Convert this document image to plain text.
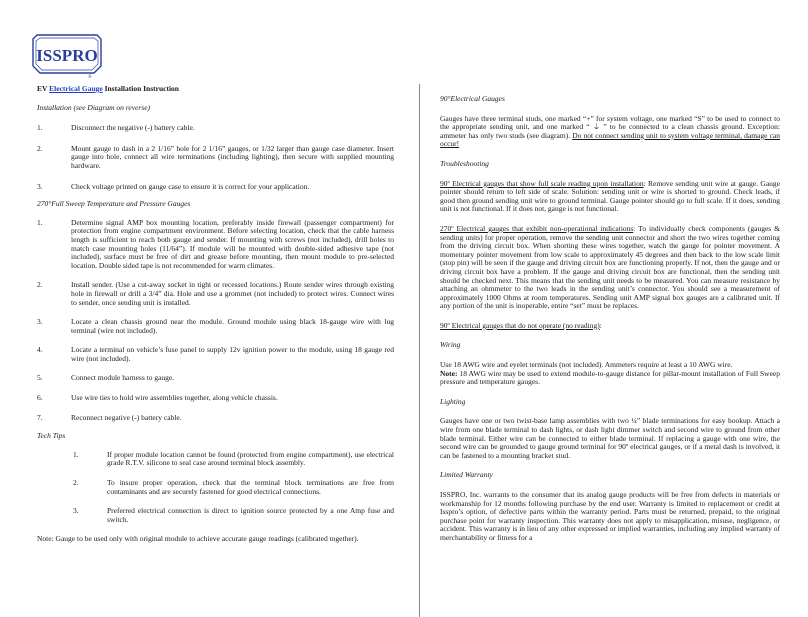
ISSPRO
®

EV Electrical Gauge Installation Instruction

Installation (see Diagram on reverse)

1.	Disconnect the negative (-) battery cable.
2.	Mount gauge to dash in a 2 1/16” hole for 2 1/16” gauges, or 1/32 larger than gauge case diameter. Insert gauge into hole, connect all wire terminations (including lighting), then secure with supplied mounting hardware.
3.	Check voltage printed on gauge case to ensure it is correct for your application.

270°Full Sweep Temperature and Pressure Gauges

1.	Determine signal AMP box mounting location, preferably inside firewall (passenger compartment) for protection from engine compartment environment. Before selecting location, check that the cable harness length is sufficient to reach both gauge and sender. If mounting with screws (not included), drill holes to match case mounting holes (11/64”). If module will be mounted with double-sided adhesive tape (not included), surface must be free of dirt and grease before mounting, then mount module to pre-selected location. Double sided tape is not recommended for warm climates.
2.	Install sender. (Use a cut-away socket in tight or recessed locations.) Route sender wires through existing hole in firewall or drill a 3/4” dia. Hole and use a grommet (not included) to protect wires. Connect wires to sender, once sending unit is installed.
3.	Locate a clean chassis ground near the module. Ground module using black 18-gauge wire with lug terminal (wire not included).
4.	Locate a terminal on vehicle’s fuse panel to supply 12v ignition power to the module, using 18 gauge red wire (not included).
5.	Connect module harness to gauge.
6.	Use wire ties to hold wire assemblies together, along vehicle chassis.
7.	Reconnect negative (-) battery cable.

Tech Tips

1.	If proper module location cannot be found (protected from engine compartment), use electrical grade R.T.V. silicone to seal case around terminal block assembly.
2.	To insure proper operation, check that the terminal block terminations are free from contaminants and are securely fastened for good electrical connections.
3.	Preferred electrical connection is direct to ignition source protected by a one Amp fuse and switch.

Note: Gauge to be used only with original module to achieve accurate gauge readings (calibrated together).

90°Electrical Gauges

Gauges have three terminal studs, one marked “+” for system voltage, one marked “S” to be used to connect to the appropriate sending unit, and one marked “ ⏚ ” to be connected to a clean chassis ground. Exception: ammeter has only two studs (see diagram). Do not connect sending unit to system voltage terminal, damage can occur!

Troubleshooting

90º Electrical gauges that show full scale reading upon installation: Remove sending unit wire at gauge. Gauge pointer should return to left side of scale. Solution: sending unit or wire is shorted to ground. Check leads, if good then ground sending unit wire to ground terminal. Gauge pointer should go to full scale. If it does, sending unit is not functional. If it does not, gauge is not functional.

270º Electrical gauges that exhibit non-operational indications: To individually check components (gauges & sending units) for proper operation, remove the sending unit connector and short the two wires together coming from the driving circuit box. When shorting these wires together, watch the gauge for pointer movement. A momentary pointer movement from low scale to approximately 45 degrees and then back to the low scale limit (stop pin) will be seen if the gauge and driving circuit box are functioning properly. If not, then the gauge and or driving circuit box have a problem. If the gauge and driving circuit box are functional, then the sending unit should be checked next. This means that the sending unit needs to be measured. You can measure resistance by attaching an ohmmeter to the two leads in the sending unit’s connector. You should see a measurement of approximately 1000 Ohms at room temperatures. Sending unit AMP signal box gauges are a calibrated unit. If any portion of the unit is inoperable, entire “set” must be replaces.

90º Electrical gauges that do not operate (no reading):

Wiring

Use 18 AWG wire and eyelet terminals (not included). Ammeters require at least a 10 AWG wire.
Note: 18 AWG wire may be used to extend module-to-gauge distance for pillar-mount installation of Full Sweep pressure and temperature gauges.

Lighting

Gauges have one or two twist-base lamp assemblies with two ¼” blade terminations for easy hookup. Attach a wire from one blade terminal to dash lights, or dash light dimmer switch and second wire to ground from other blade terminal. Either wire can be connected to either blade terminal. If replacing a gauge with one wire, the second wire can be grounded to gauge ground terminal for 90º electrical gauges, or if a metal dash is involved, it can be fastened to a mounting bracket stud.

Limited Warranty

ISSPRO, Inc. warrants to the consumer that its analog gauge products will be free from defects in materials or workmanship for 12 months following purchase by the end user. Warranty is limited to replacement or credit at Isspro’s option, of defective parts within the warranty period. Parts must be returned, prepaid, to the original purchase point for warranty inspection. This warranty does not apply to misapplication, misuse, negligence, or accident. This warranty is in lieu of any other expressed or implied warranties, including any implied warranty of merchantability or fitness for a
